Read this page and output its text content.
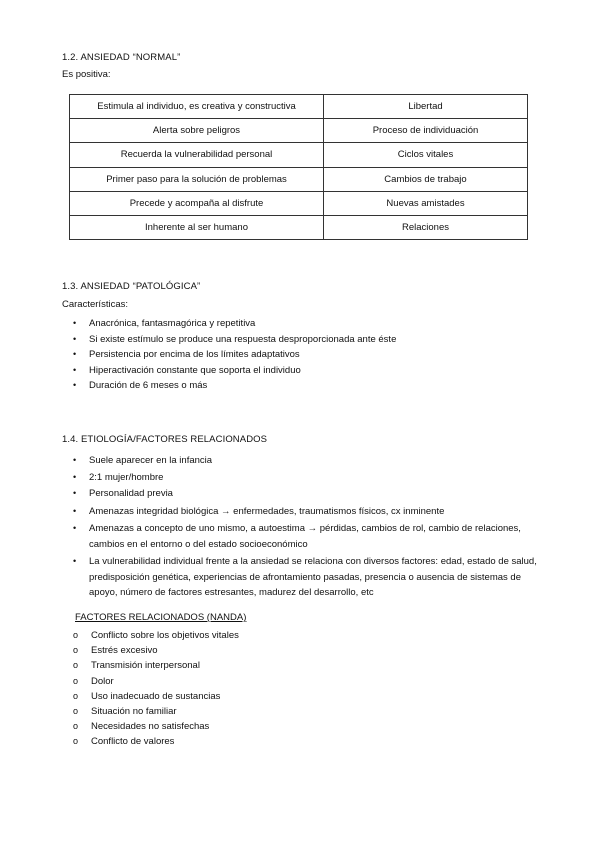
1.2. ANSIEDAD “NORMAL”
Es positiva:
Estimula al individuo, es creativa y constructiva	Libertad
Alerta sobre peligros	Proceso de individuación
Recuerda la vulnerabilidad personal	Ciclos vitales
Primer paso para la solución de problemas	Cambios de trabajo
Precede y acompaña al disfrute	Nuevas amistades
Inherente al ser humano	Relaciones
1.3. ANSIEDAD “PATOLÓGICA”
Características:
•	Anacrónica, fantasmagórica y repetitiva
•	Si existe estímulo se produce una respuesta desproporcionada ante éste
•	Persistencia por encima de los límites adaptativos
•	Hiperactivación constante que soporta el individuo
•	Duración de 6 meses o más
1.4. ETIOLOGÍA/FACTORES RELACIONADOS
•	Suele aparecer en la infancia
•	2:1 mujer/hombre
•	Personalidad previa
•	Amenazas integridad biológica → enfermedades, traumatismos físicos, cx inminente
•	Amenazas a concepto de uno mismo, a autoestima → pérdidas, cambios de rol, cambio de relaciones, cambios en el entorno o del estado socioeconómico
•	La vulnerabilidad individual frente a la ansiedad se relaciona con diversos factores: edad, estado de salud, predisposición genética, experiencias de afrontamiento pasadas, presencia o ausencia de sistemas de apoyo, número de factores estresantes, madurez del desarrollo, etc
FACTORES RELACIONADOS (NANDA)
o Conflicto sobre los objetivos vitales
o Estrés excesivo
o Transmisión interpersonal
o Dolor
o Uso inadecuado de sustancias
o Situación no familiar
o Necesidades no satisfechas
o Conflicto de valores
